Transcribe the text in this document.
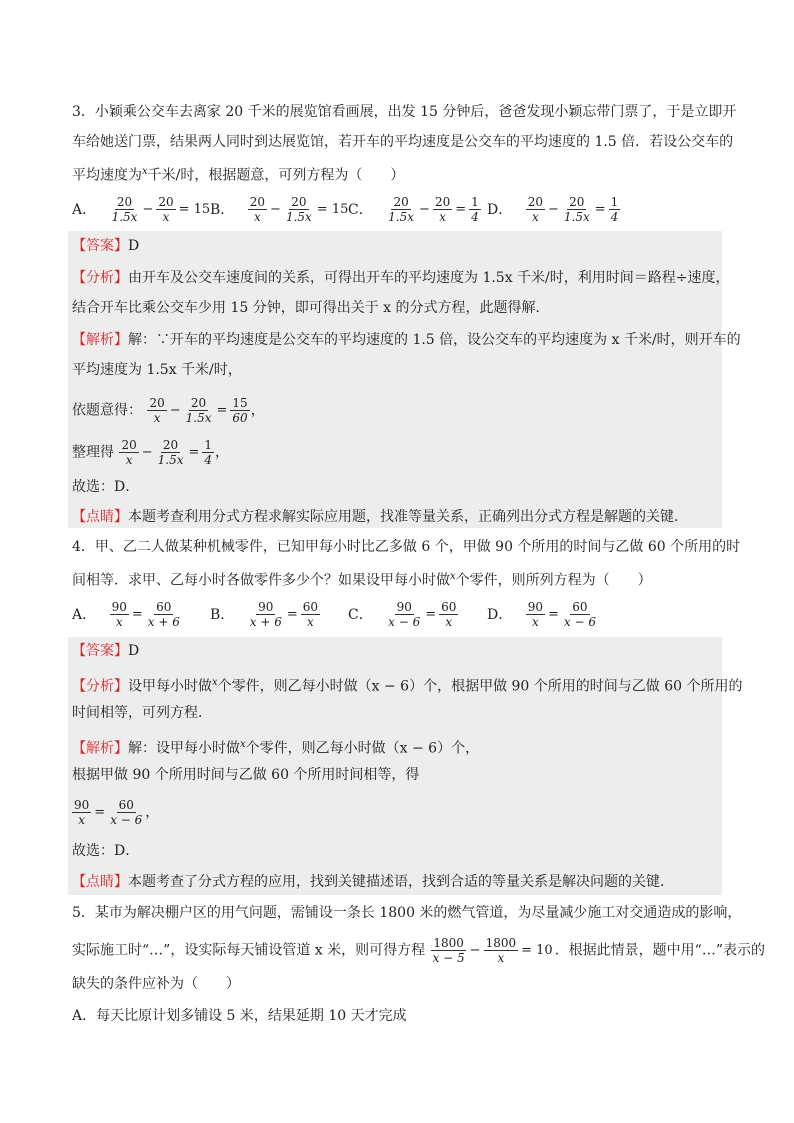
3．小颖乘公交车去离家 20 千米的展览馆看画展，出发 15 分钟后，爸爸发现小颖忘带门票了，于是立即开
车给她送门票，结果两人同时到达展览馆，若开车的平均速度是公交车的平均速度的 1.5 倍．若设公交车的
平均速度为$^x$千米/时，根据题意，可列方程为（　　）
A． $\frac{20}{1.5x} - \frac{20}{x} = 15$ B． $\frac{20}{x} - \frac{20}{1.5x} = 15$ C． $\frac{20}{1.5x} - \frac{20}{x} = \frac{1}{4}$ D． $\frac{20}{x} - \frac{20}{1.5x} = \frac{1}{4}$
【答案】D
【分析】由开车及公交车速度间的关系，可得出开车的平均速度为 1.5x 千米/时，利用时间＝路程÷速度，
结合开车比乘公交车少用 15 分钟，即可得出关于 x 的分式方程，此题得解．
【解析】解：∵开车的平均速度是公交车的平均速度的 1.5 倍，设公交车的平均速度为 x 千米/时，则开车的
平均速度为 1.5x 千米/时，
依题意得： $\frac{20}{x} - \frac{20}{1.5x} = \frac{15}{60}$ ，
整理得 $\frac{20}{x} - \frac{20}{1.5x} = \frac{1}{4}$ ，
故选：D．
【点睛】本题考查利用分式方程求解实际应用题，找准等量关系，正确列出分式方程是解题的关键．
4．甲、乙二人做某种机械零件，已知甲每小时比乙多做 6 个，甲做 90 个所用的时间与乙做 60 个所用的时
间相等．求甲、乙每小时各做零件多少个？如果设甲每小时做$^x$个零件，则所列方程为（　　）
A． $\frac{90}{x} = \frac{60}{x + 6}$ B． $\frac{90}{x + 6} = \frac{60}{x}$ C． $\frac{90}{x - 6} = \frac{60}{x}$ D． $\frac{90}{x} = \frac{60}{x - 6}$
【答案】D
【分析】设甲每小时做$^x$个零件，则乙每小时做（x − 6）个，根据甲做 90 个所用的时间与乙做 60 个所用的
时间相等，可列方程．
【解析】解：设甲每小时做$^x$个零件，则乙每小时做（x − 6）个，
根据甲做 90 个所用时间与乙做 60 个所用时间相等，得
$\frac{90}{x} = \frac{60}{x - 6}$ ，
故选：D．
【点睛】本题考查了分式方程的应用，找到关键描述语，找到合适的等量关系是解决问题的关键．
5．某市为解决棚户区的用气问题，需铺设一条长 1800 米的燃气管道，为尽量减少施工对交通造成的影响，
实际施工时“…”，设实际每天铺设管道 x 米，则可得方程 $\frac{1800}{x - 5} - \frac{1800}{x} = 10$ ．根据此情景，题中用“…”表示的
缺失的条件应补为（　　）
A．每天比原计划多铺设 5 米，结果延期 10 天才完成
